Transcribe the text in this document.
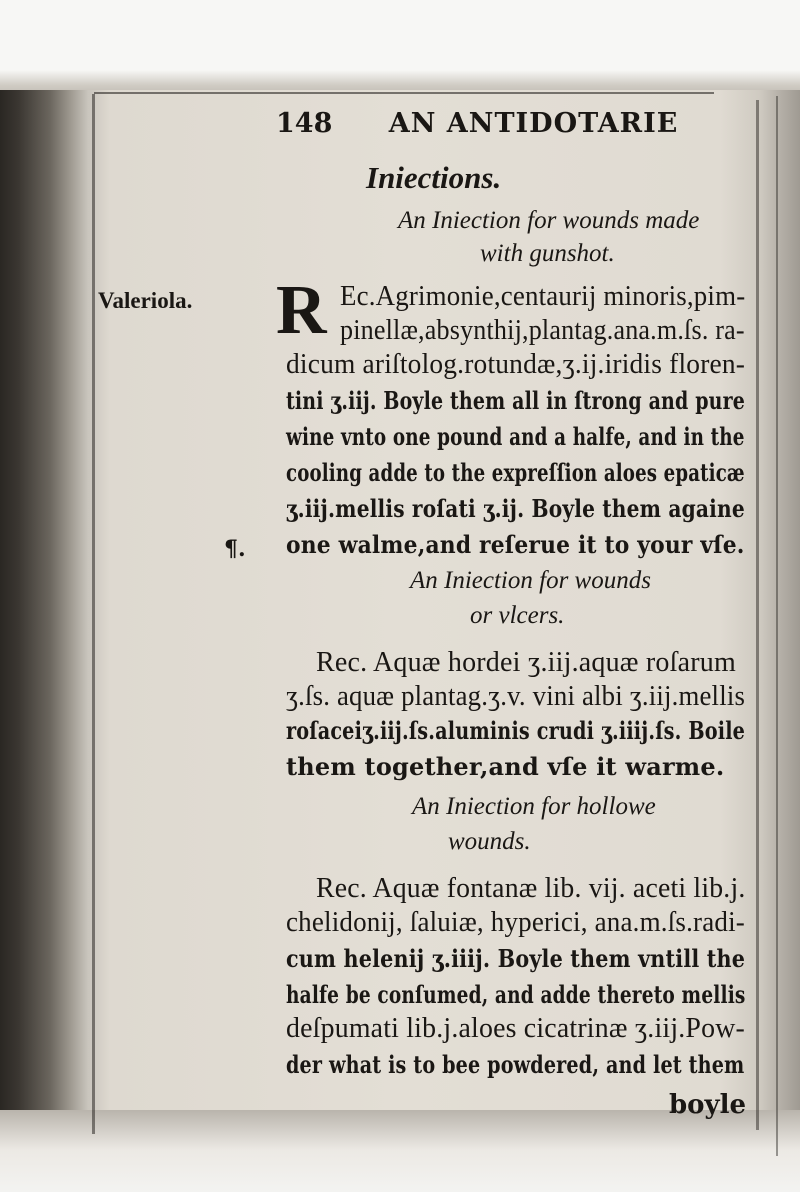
148 AN ANTIDOTARIE
Iniections.
Valeriola.
¶.
An Iniection for wounds made
with gunshot.
R Ec.Agrimonie,centaurij minoris,pim-
pinellæ,absynthij,plantag.ana.m.ſs. ra-
dicum ariſtolog.rotundæ,ʒ.ij.iridis floren-
tini ʒ.iij. Boyle them all in ſtrong and pure
wine vnto one pound and a halfe, and in the
cooling adde to the expreſſion aloes epaticæ
ʒ.iij.mellis roſati ʒ.ij. Boyle them againe
one walme,and reſerue it to your vſe.
An Iniection for wounds
or vlcers.
Rec. Aquæ hordei ʒ.iij.aquæ roſarum
ʒ.ſs. aquæ plantag.ʒ.v. vini albi ʒ.iij.mellis
roſaceiʒ.iij.ſs.aluminis crudi ʒ.iiij.ſs. Boile
them together,and vſe it warme.
An Iniection for hollowe
wounds.
Rec. Aquæ fontanæ lib. vij. aceti lib.j.
chelidonij, ſaluiæ, hyperici, ana.m.ſs.radi-
cum helenij ʒ.iiij. Boyle them vntill the
halfe be conſumed, and adde thereto mellis
deſpumati lib.j.aloes cicatrinæ ʒ.iij.Pow-
der what is to bee powdered, and let them
boyle
